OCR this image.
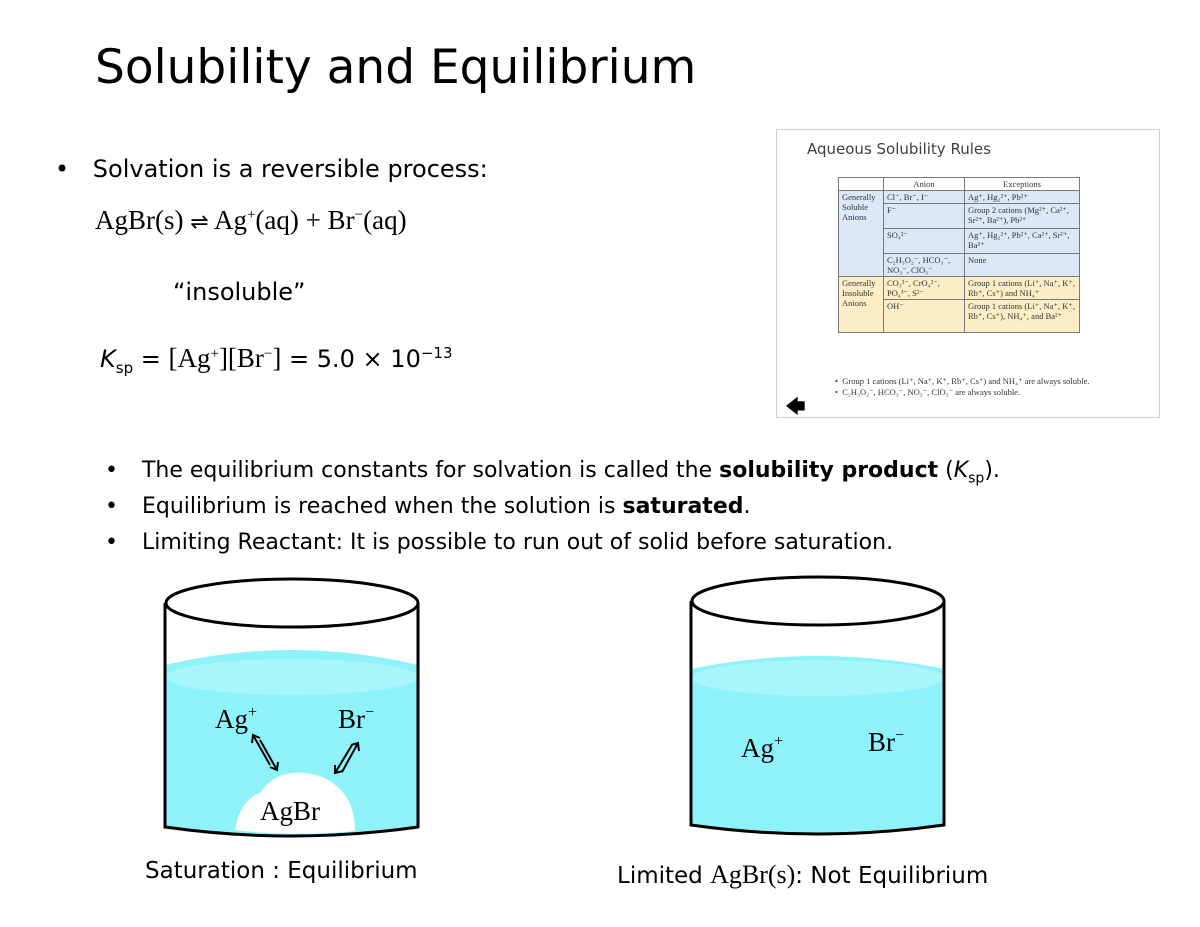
Solubility and Equilibrium
• Solvation is a reversible process:
AgBr(s) ⇌ Ag+(aq) + Br−(aq)
“insoluble”
$K_{sp} = [Ag^+][Br^-] = 5.0 \times 10^{-13}$
Aqueous Solubility Rules
	Anion	Exceptions
Generally Soluble Anions	Cl⁻, Br⁻, I⁻	Ag⁺, Hg₂²⁺, Pb²⁺
	F⁻	Group 2 cations (Mg²⁺, Ca²⁺, Sr²⁺, Ba²⁺), Pb²⁺
	SO₄²⁻	Ag⁺, Hg₂²⁺, Pb²⁺, Ca²⁺, Sr²⁺, Ba²⁺
	C₂H₃O₂⁻, HCO₃⁻, NO₃⁻, ClO₃⁻	None
Generally Insoluble Anions	CO₃²⁻, CrO₄²⁻, PO₄³⁻, S²⁻	Group 1 cations (Li⁺, Na⁺, K⁺, Rb⁺, Cs⁺) and NH₄⁺
	OH⁻	Group 1 cations (Li⁺, Na⁺, K⁺, Rb⁺, Cs⁺), NH₄⁺, and Ba²⁺
•  Group 1 cations (Li⁺, Na⁺, K⁺, Rb⁺, Cs⁺) and NH₄⁺ are always soluble.
•  C₂H₃O₂⁻, HCO₃⁻, NO₃⁻, ClO₃⁻ are always soluble.
🡄
• The equilibrium constants for solvation is called the solubility product $(K_{sp})$.
• Equilibrium is reached when the solution is saturated.
• Limiting Reactant: It is possible to run out of solid before saturation.
Ag+	Br−
AgBr
Saturation : Equilibrium
Ag+	Br−
Limited AgBr(s): Not Equilibrium
